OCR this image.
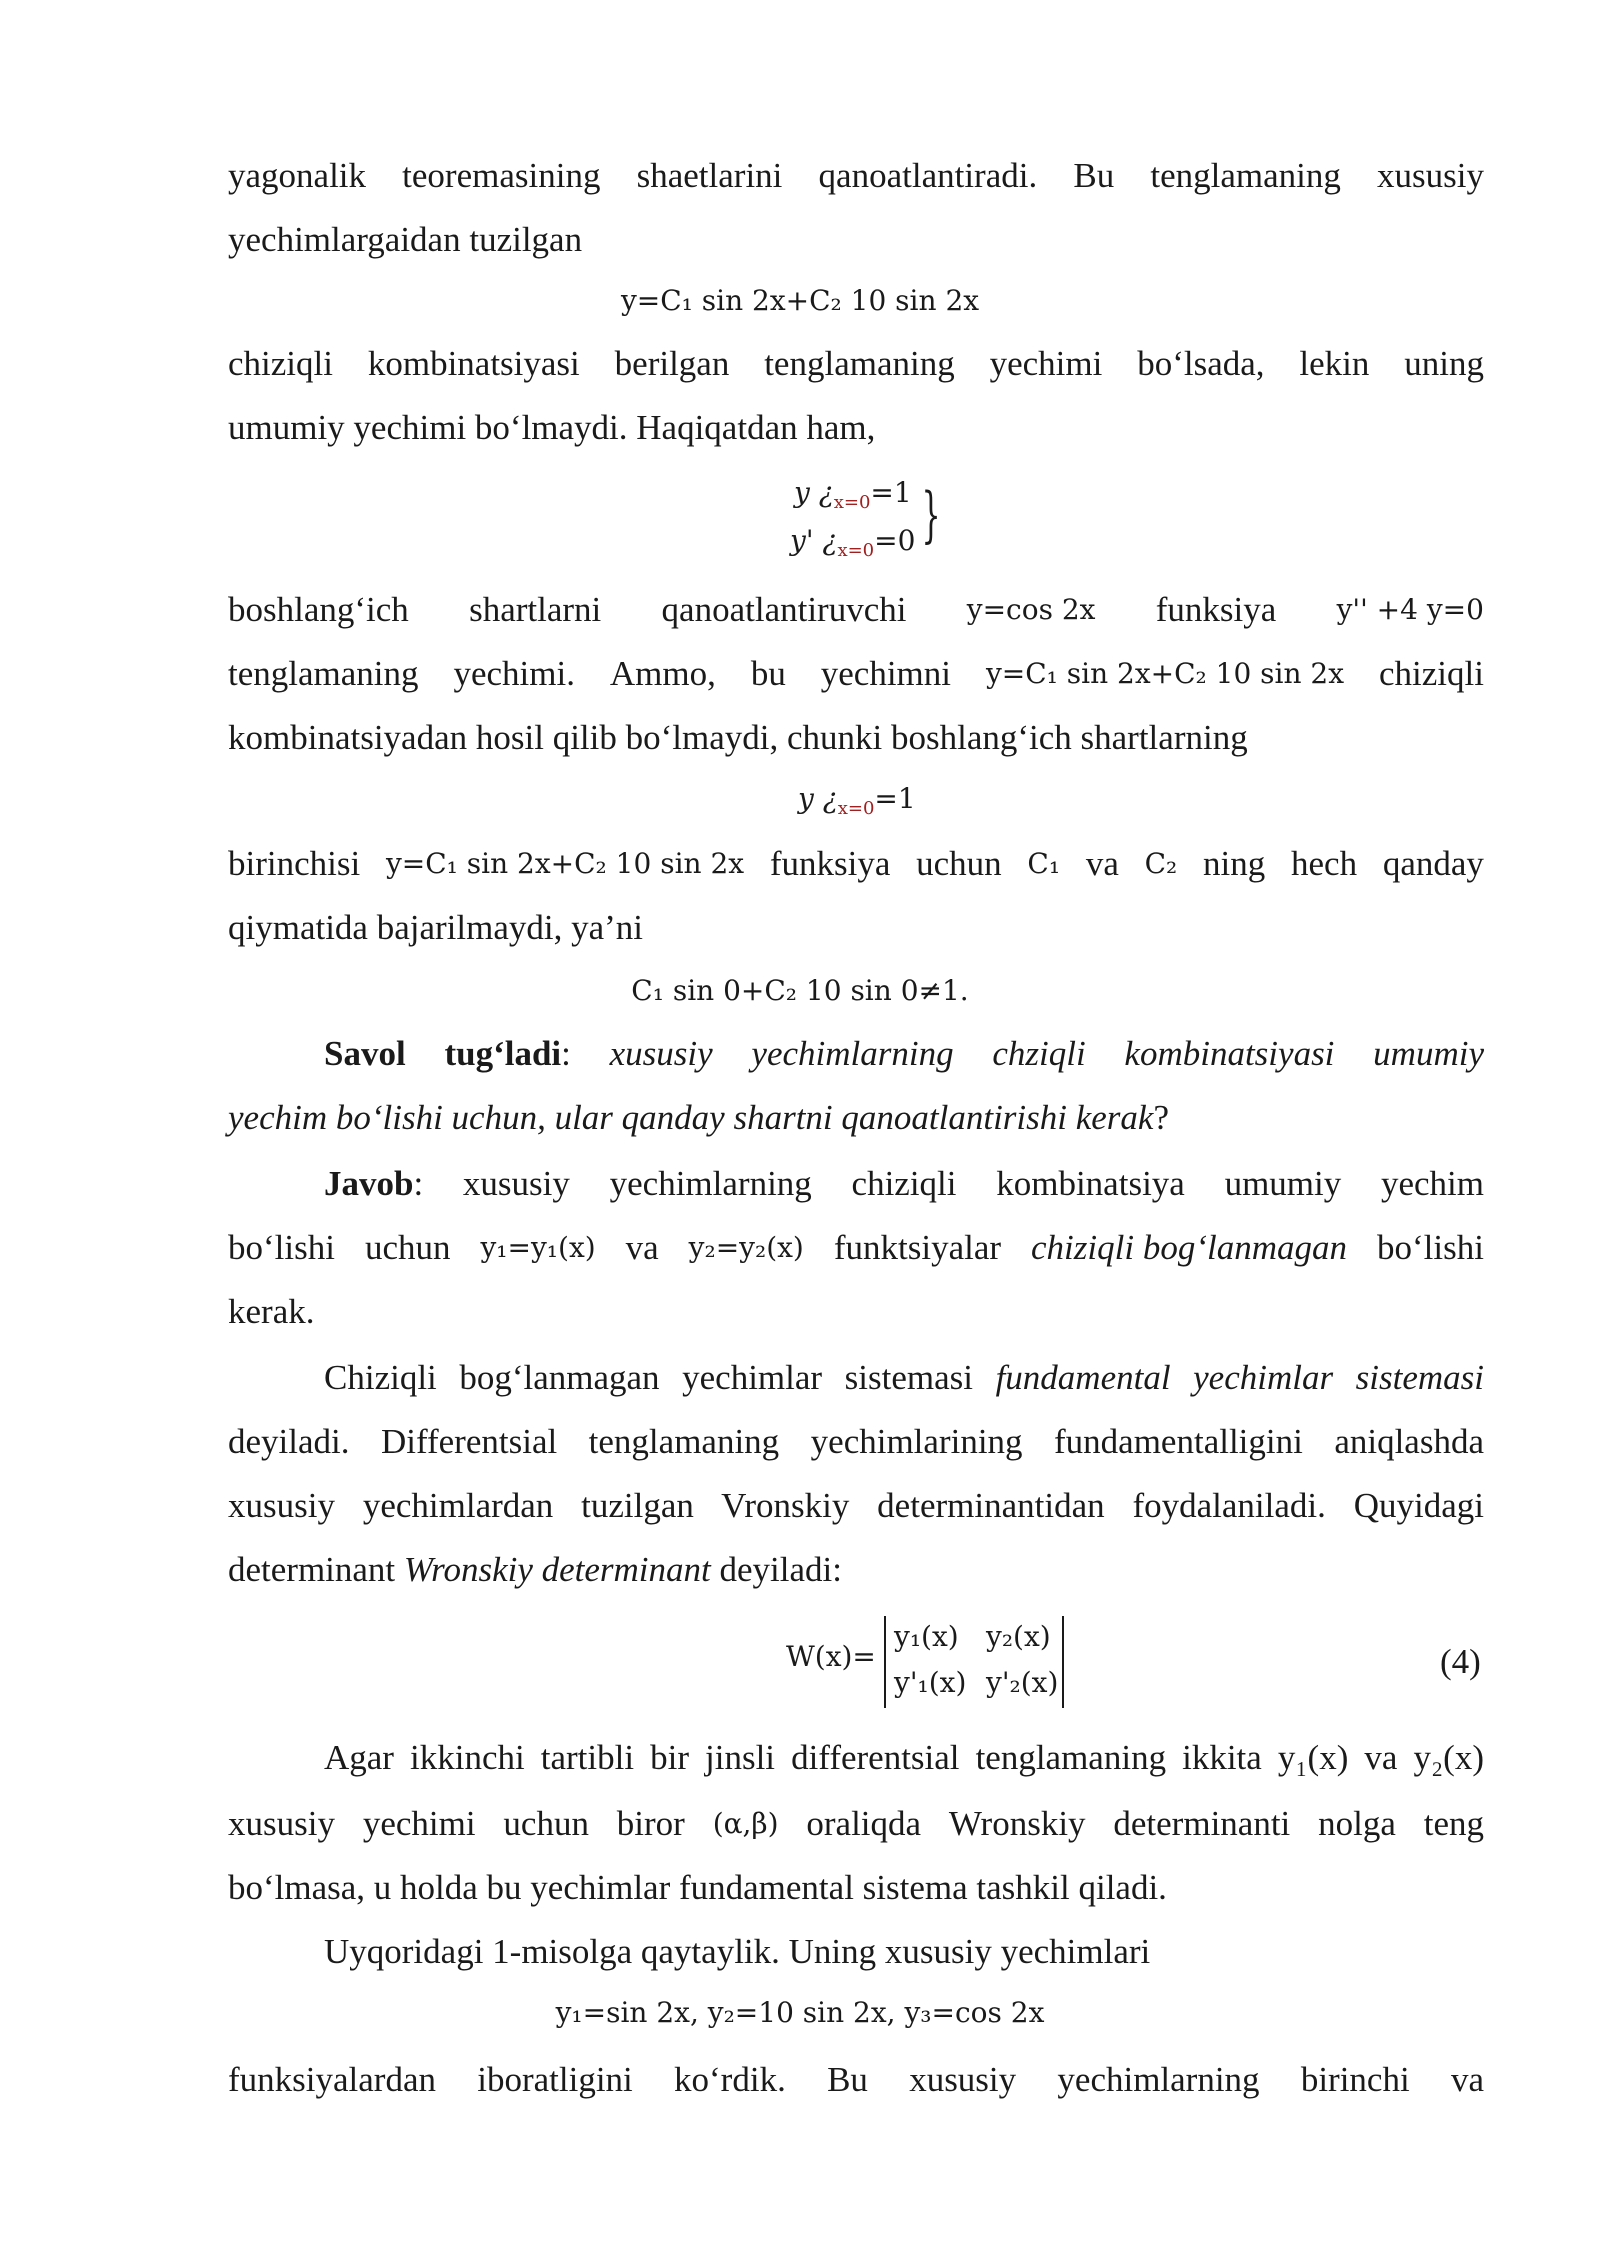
yagonalik teoremasining shaetlarini qanoatlantiradi. Bu tenglamaning xususiy
yechimlargaidan tuzilgan
y=C₁ sin 2x+C₂ 10 sin 2x
chiziqli kombinatsiyasi berilgan tenglamaning yechimi bo‘lsada, lekin uning
umumiy yechimi bo‘lmaydi. Haqiqatdan ham,
y ¿$_{x=0}=1$
y' ¿$_{x=0}=0$ }
boshlang‘ich shartlarni qanoatlantiruvchi y=cos 2x funksiya y'' +4 y=0
tenglamaning yechimi. Ammo, bu yechimni y=C₁ sin 2x+C₂ 10 sin 2x chiziqli
kombinatsiyadan hosil qilib bo‘lmaydi, chunki boshlang‘ich shartlarning
y ¿$_{x=0}=1$
birinchisi y=C₁ sin 2x+C₂ 10 sin 2x funksiya uchun C₁ va C₂ ning hech qanday
qiymatida bajarilmaydi, ya’ni
C₁ sin 0+C₂ 10 sin 0≠1.
Savol tug‘ladi: xususiy yechimlarning chziqli kombinatsiyasi umumiy
yechim bo‘lishi uchun, ular qanday shartni qanoatlantirishi kerak?
Javob: xususiy yechimlarning chiziqli kombinatsiya umumiy yechim
bo‘lishi uchun y₁=y₁(x) va y₂=y₂(x) funktsiyalar chiziqli bog‘lanmagan bo‘lishi
kerak.
Chiziqli bog‘lanmagan yechimlar sistemasi fundamental yechimlar sistemasi
deyiladi. Differentsial tenglamaning yechimlarining fundamentalligini aniqlashda
xususiy yechimlardan tuzilgan Vronskiy determinantidan foydalaniladi. Quyidagi
determinant Wronskiy determinant deyiladi:
W(x)=
y₁(x) y₂(x)
y'₁(x) y'₂(x)
(4)
Agar ikkinchi tartibli bir jinsli differentsial tenglamaning ikkita y₁(x) va y₂(x)
xususiy yechimi uchun biror (α,β) oraliqda Wronskiy determinanti nolga teng
bo‘lmasa, u holda bu yechimlar fundamental sistema tashkil qiladi.
Uyqoridagi 1-misolga qaytaylik. Uning xususiy yechimlari
y₁=sin 2x, y₂=10 sin 2x, y₃=cos 2x
funksiyalardan iboratligini ko‘rdik. Bu xususiy yechimlarning birinchi va
